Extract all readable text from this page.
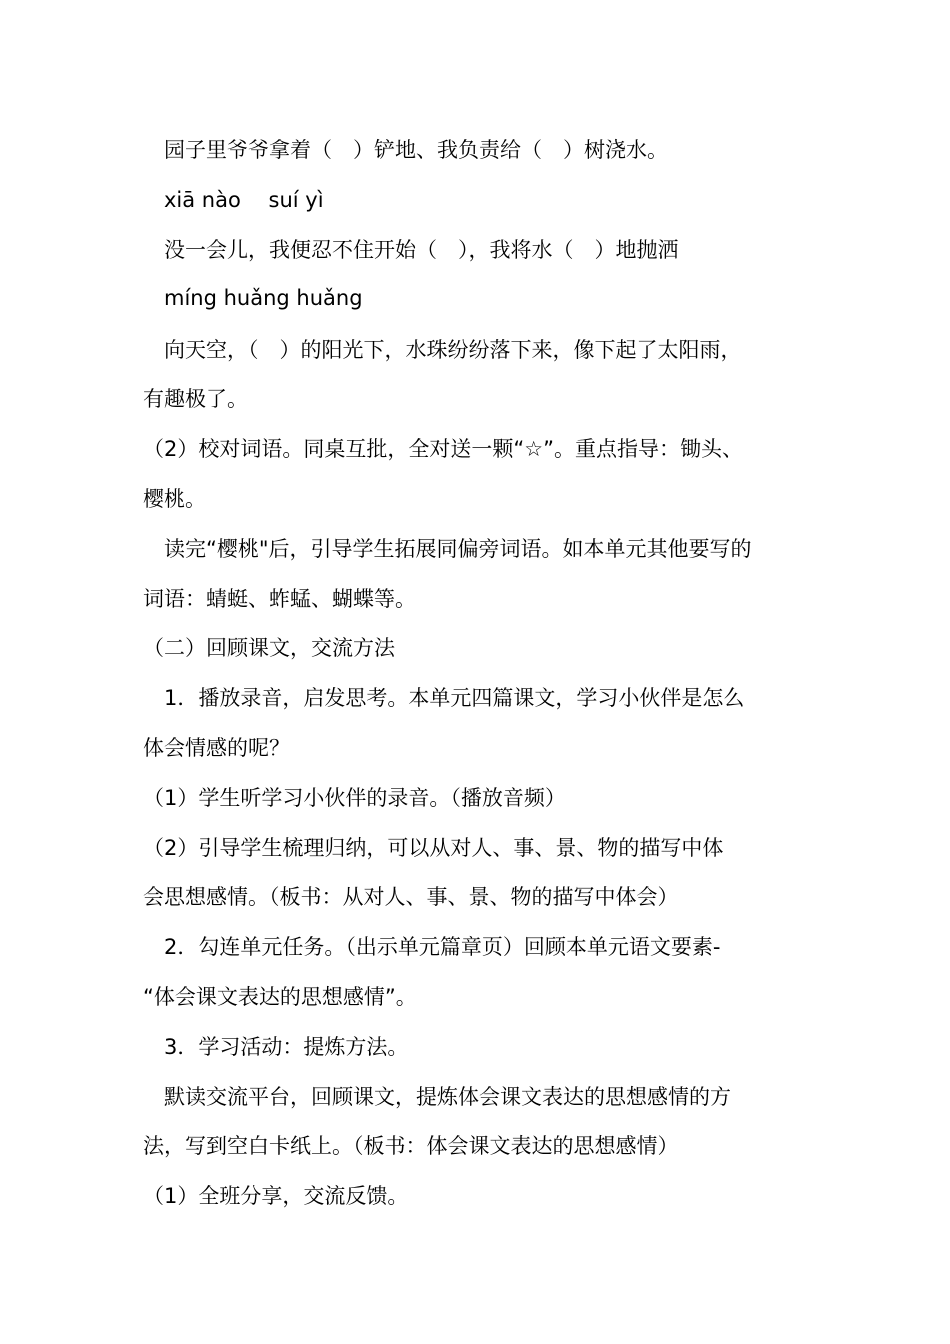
　园子里爷爷拿着（　）铲地、我负责给（　）树浇水。
　xiā nào　 suí yì
　没一会儿，我便忍不住开始（　），我将水（　）地抛洒
　míng huǎng huǎng
　向天空，（　）的阳光下，水珠纷纷落下来，像下起了太阳雨，
有趣极了。
（2）校对词语。同桌互批，全对送一颗“☆”。重点指导：锄头、
樱桃。
　读完“樱桃"后，引导学生拓展同偏旁词语。如本单元其他要写的
词语：蜻蜓、蚱蜢、蝴蝶等。
（二）回顾课文，交流方法
　1．播放录音，启发思考。本单元四篇课文，学习小伙伴是怎么
体会情感的呢？
（1）学生听学习小伙伴的录音。（播放音频）
（2）引导学生梳理归纳，可以从对人、事、景、物的描写中体
会思想感情。（板书：从对人、事、景、物的描写中体会）
　2．勾连单元任务。（出示单元篇章页）回顾本单元语文要素-
“体会课文表达的思想感情”。
　3．学习活动：提炼方法。
　默读交流平台，回顾课文，提炼体会课文表达的思想感情的方
法，写到空白卡纸上。（板书：体会课文表达的思想感情）
（1）全班分享，交流反馈。
